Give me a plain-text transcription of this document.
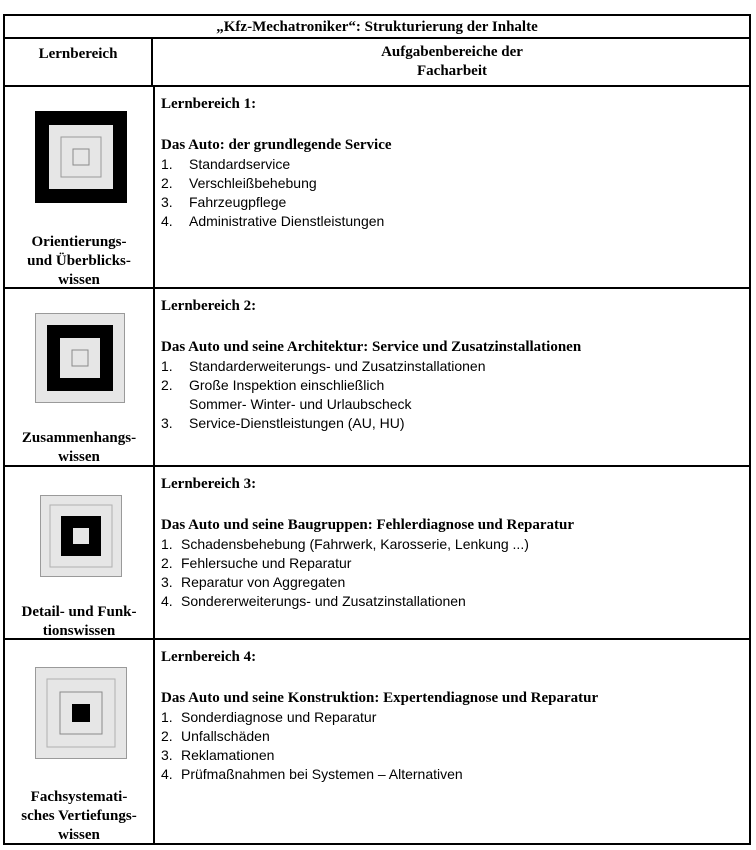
„Kfz-Mechatroniker“: Strukturierung der Inhalte
Lernbereich	Aufgabenbereiche der
Facharbeit
Orientierungs-
und Überblicks-
wissen
Lernbereich 1:
Das Auto: der grundlegende Service
1. Standardservice
2. Verschleißbehebung
3. Fahrzeugpflege
4. Administrative Dienstleistungen
Zusammenhangs-
wissen
Lernbereich 2:
Das Auto und seine Architektur: Service und Zusatzinstallationen
1. Standarderweiterungs- und Zusatzinstallationen
2. Große Inspektion einschließlich
Sommer- Winter- und Urlaubscheck
3. Service-Dienstleistungen (AU, HU)
Detail- und Funk-
tionswissen
Lernbereich 3:
Das Auto und seine Baugruppen: Fehlerdiagnose und Reparatur
1. Schadensbehebung (Fahrwerk, Karosserie, Lenkung ...)
2. Fehlersuche und Reparatur
3. Reparatur von Aggregaten
4. Sondererweiterungs- und Zusatzinstallationen
Fachsystemati-
sches Vertiefungs-
wissen
Lernbereich 4:
Das Auto und seine Konstruktion: Expertendiagnose und Reparatur
1. Sonderdiagnose und Reparatur
2. Unfallschäden
3. Reklamationen
4. Prüfmaßnahmen bei Systemen – Alternativen
